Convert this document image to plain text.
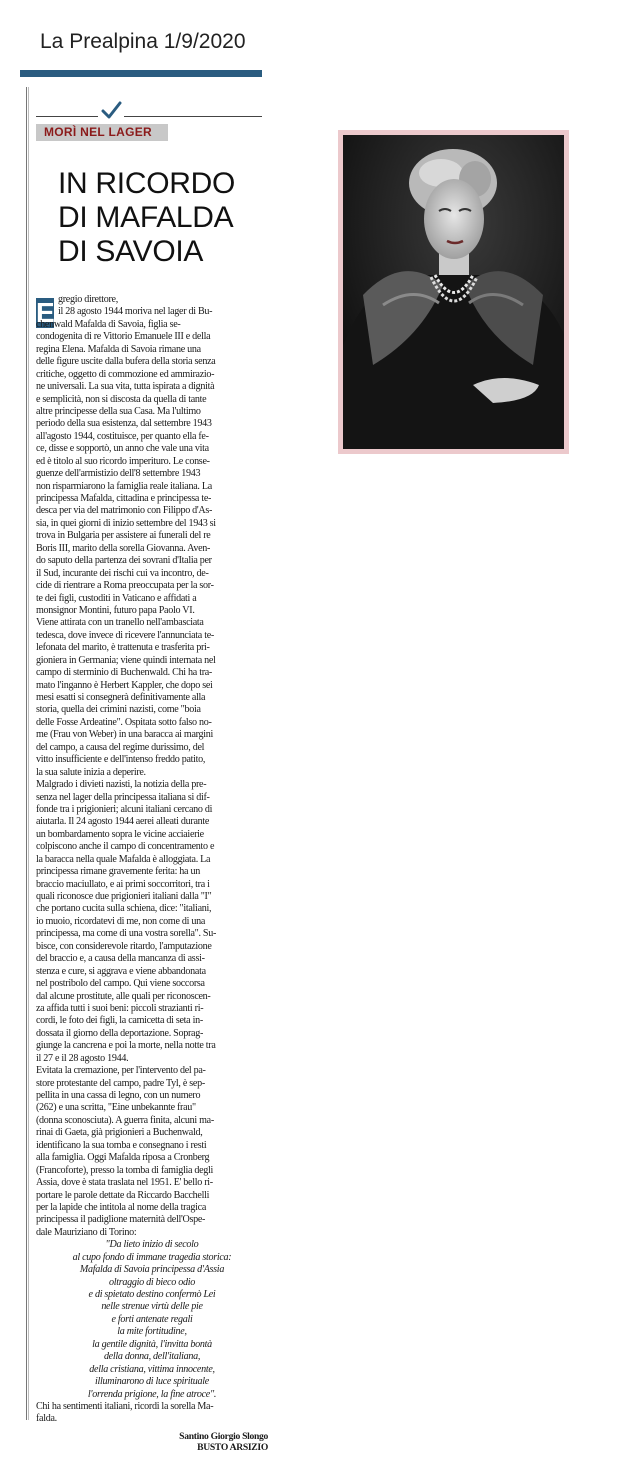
La Prealpina 1/9/2020
MORÌ NEL LAGER
IN RICORDO
DI MAFALDA
DI SAVOIA
E gregio direttore,
il 28 agosto 1944 moriva nel lager di Bu-
chenwald Mafalda di Savoia, figlia se-
condogenita di re Vittorio Emanuele III e della
regina Elena. Mafalda di Savoia rimane una
delle figure uscite dalla bufera della storia senza
critiche, oggetto di commozione ed ammirazio-
ne universali. La sua vita, tutta ispirata a dignità
e semplicità, non si discosta da quella di tante
altre principesse della sua Casa. Ma l'ultimo
periodo della sua esistenza, dal settembre 1943
all'agosto 1944, costituisce, per quanto ella fe-
ce, disse e sopportò, un anno che vale una vita
ed è titolo al suo ricordo imperituro. Le conse-
guenze dell'armistizio dell'8 settembre 1943
non risparmiarono la famiglia reale italiana. La
principessa Mafalda, cittadina e principessa te-
desca per via del matrimonio con Filippo d'As-
sia, in quei giorni di inizio settembre del 1943 si
trova in Bulgaria per assistere ai funerali del re
Boris III, marito della sorella Giovanna. Aven-
do saputo della partenza dei sovrani d'Italia per
il Sud, incurante dei rischi cui va incontro, de-
cide di rientrare a Roma preoccupata per la sor-
te dei figli, custoditi in Vaticano e affidati a
monsignor Montini, futuro papa Paolo VI.
Viene attirata con un tranello nell'ambasciata
tedesca, dove invece di ricevere l'annunciata te-
lefonata del marito, è trattenuta e trasferita pri-
gioniera in Germania; viene quindi internata nel
campo di sterminio di Buchenwald. Chi ha tra-
mato l'inganno è Herbert Kappler, che dopo sei
mesi esatti si consegnerà definitivamente alla
storia, quella dei crimini nazisti, come "boia
delle Fosse Ardeatine". Ospitata sotto falso no-
me (Frau von Weber) in una baracca ai margini
del campo, a causa del regime durissimo, del
vitto insufficiente e dell'intenso freddo patito,
la sua salute inizia a deperire.
Malgrado i divieti nazisti, la notizia della pre-
senza nel lager della principessa italiana si dif-
fonde tra i prigionieri; alcuni italiani cercano di
aiutarla. Il 24 agosto 1944 aerei alleati durante
un bombardamento sopra le vicine acciaierie
colpiscono anche il campo di concentramento e
la baracca nella quale Mafalda è alloggiata. La
principessa rimane gravemente ferita: ha un
braccio maciullato, e ai primi soccorritori, tra i
quali riconosce due prigionieri italiani dalla "I"
che portano cucita sulla schiena, dice: "italiani,
io muoio, ricordatevi di me, non come di una
principessa, ma come di una vostra sorella". Su-
bisce, con considerevole ritardo, l'amputazione
del braccio e, a causa della mancanza di assi-
stenza e cure, si aggrava e viene abbandonata
nel postribolo del campo. Qui viene soccorsa
dal alcune prostitute, alle quali per riconoscen-
za affida tutti i suoi beni: piccoli strazianti ri-
cordi, le foto dei figli, la camicetta di seta in-
dossata il giorno della deportazione. Soprag-
giunge la cancrena e poi la morte, nella notte tra
il 27 e il 28 agosto 1944.
Evitata la cremazione, per l'intervento del pa-
store protestante del campo, padre Tyl, è sep-
pellita in una cassa di legno, con un numero
(262) e una scritta, "Eine unbekannte frau"
(donna sconosciuta). A guerra finita, alcuni ma-
rinai di Gaeta, già prigionieri a Buchenwald,
identificano la sua tomba e consegnano i resti
alla famiglia. Oggi Mafalda riposa a Cronberg
(Francoforte), presso la tomba di famiglia degli
Assia, dove è stata traslata nel 1951. E' bello ri-
portare le parole dettate da Riccardo Bacchelli
per la lapide che intitola al nome della tragica
principessa il padiglione maternità dell'Ospe-
dale Mauriziano di Torino:
"Da lieto inizio di secolo
al cupo fondo di immane tragedia storica:
Mafalda di Savoia principessa d'Assia
oltraggio di bieco odio
e di spietato destino confermò Lei
nelle strenue virtù delle pie
e forti antenate regali
la mite fortitudine,
la gentile dignità, l'invitta bontà
della donna, dell'italiana,
della cristiana, vittima innocente,
illuminarono di luce spirituale
l'orrenda prigione, la fine atroce".
Chi ha sentimenti italiani, ricordi la sorella Ma-
falda.
Santino Giorgio Slongo
BUSTO ARSIZIO
